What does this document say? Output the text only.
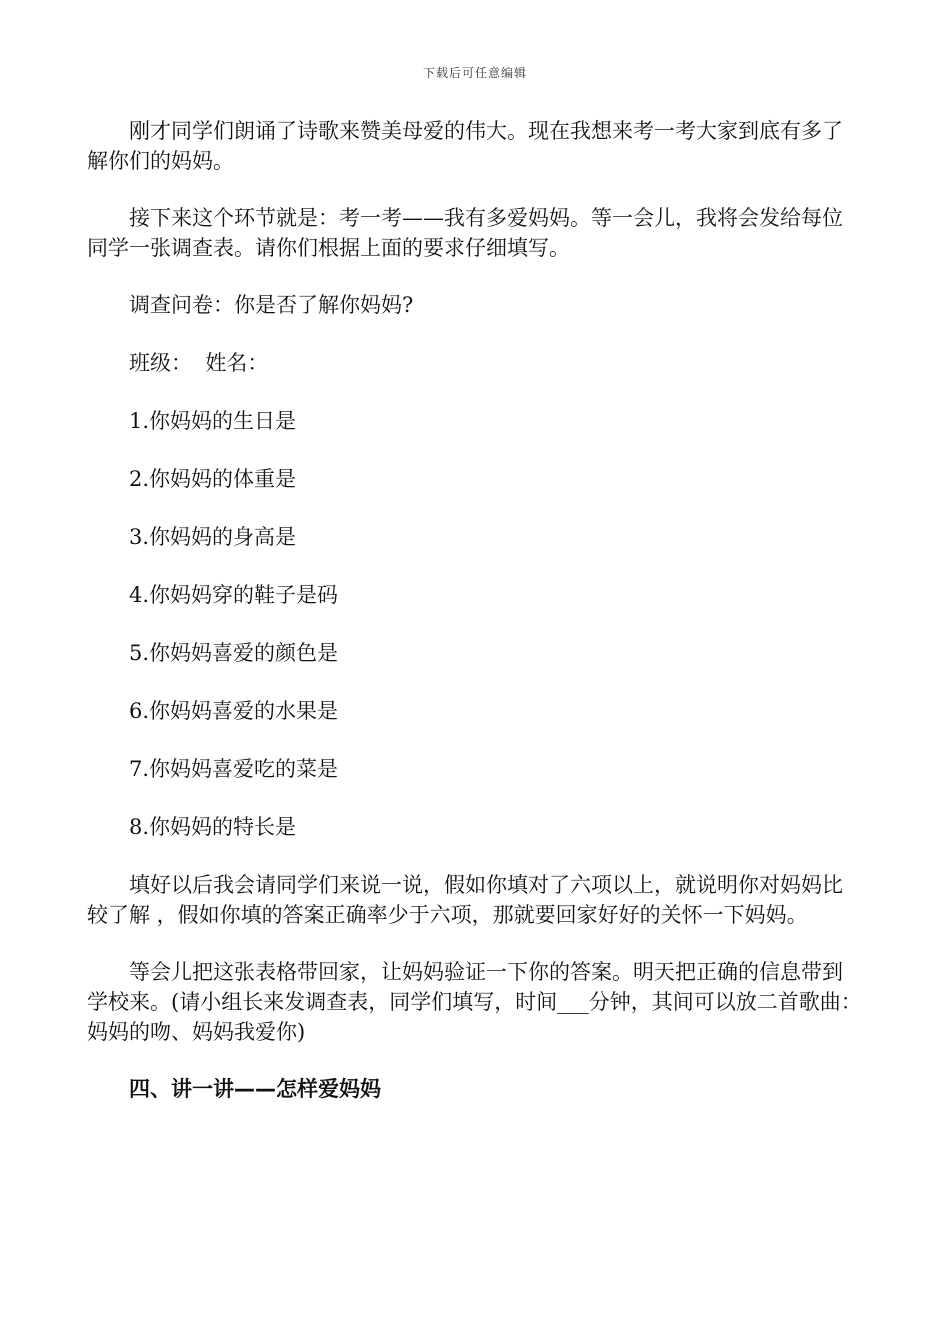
下载后可任意编辑

刚才同学们朗诵了诗歌来赞美母爱的伟大。现在我想来考一考大家到底有多了解你们的妈妈。

接下来这个环节就是：考一考——我有多爱妈妈。等一会儿，我将会发给每位同学一张调查表。请你们根据上面的要求仔细填写。

调查问卷：你是否了解你妈妈?

班级：  姓名：

1.你妈妈的生日是

2.你妈妈的体重是

3.你妈妈的身高是

4.你妈妈穿的鞋子是码

5.你妈妈喜爱的颜色是

6.你妈妈喜爱的水果是

7.你妈妈喜爱吃的菜是

8.你妈妈的特长是

填好以后我会请同学们来说一说，假如你填对了六项以上，就说明你对妈妈比较了解 ，假如你填的答案正确率少于六项，那就要回家好好的关怀一下妈妈。

等会儿把这张表格带回家，让妈妈验证一下你的答案。明天把正确的信息带到学校来。(请小组长来发调查表，同学们填写，时间___分钟，其间可以放二首歌曲：妈妈的吻、妈妈我爱你)

四、讲一讲——怎样爱妈妈
